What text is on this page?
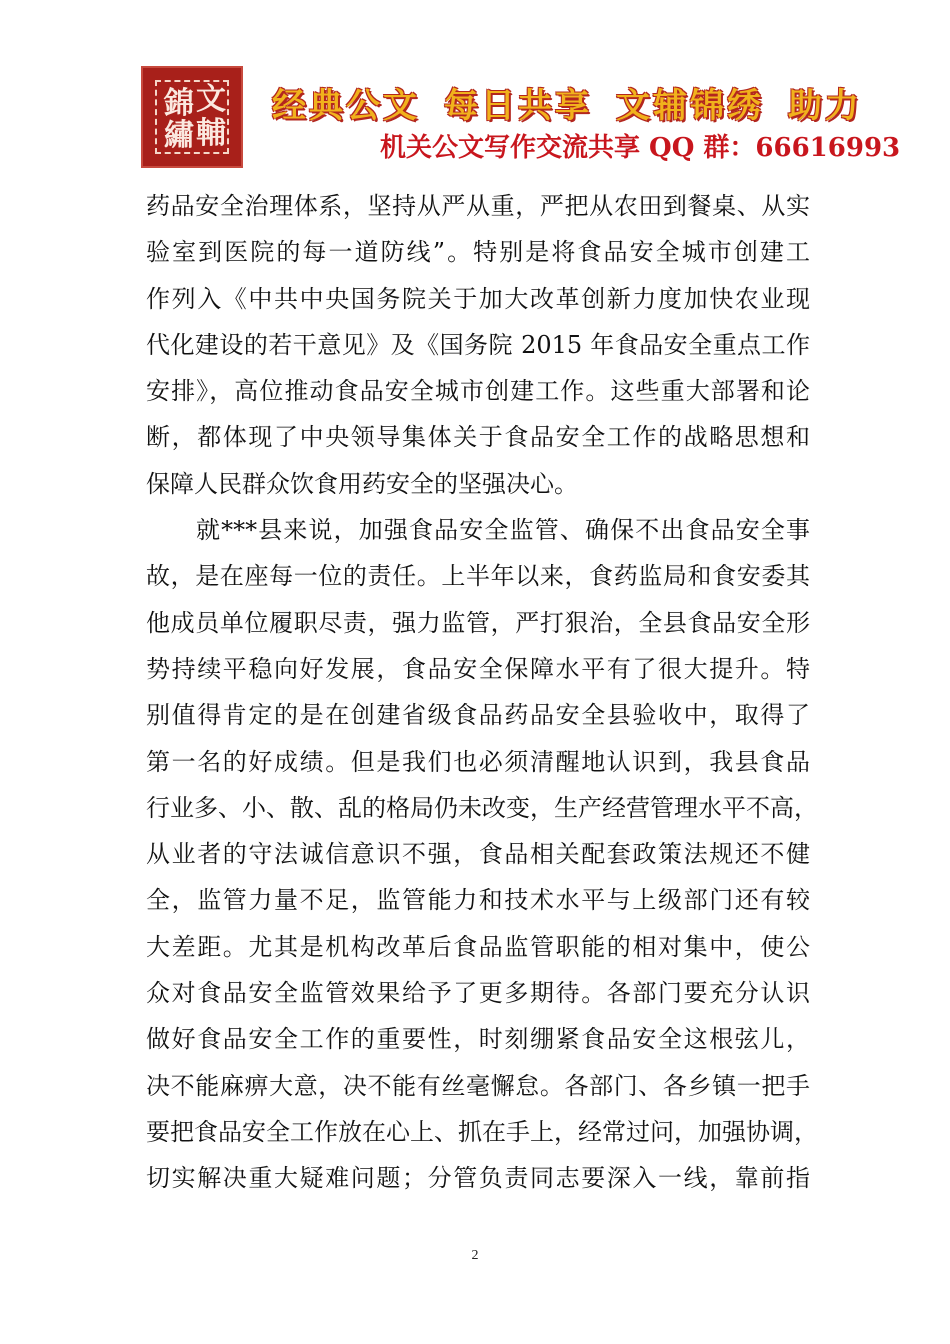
錦 文
繡 輔
经典公文 每日共享 文辅锦绣 助力
机关公文写作交流共享 QQ 群：66616993
药品安全治理体系，坚持从严从重，严把从农田到餐桌、从实
验室到医院的每一道防线”。特别是将食品安全城市创建工
作列入《中共中央国务院关于加大改革创新力度加快农业现
代化建设的若干意见》及《国务院 2015 年食品安全重点工作
安排》，高位推动食品安全城市创建工作。这些重大部署和论
断，都体现了中央领导集体关于食品安全工作的战略思想和
保障人民群众饮食用药安全的坚强决心。
就***县来说，加强食品安全监管、确保不出食品安全事
故，是在座每一位的责任。上半年以来，食药监局和食安委其
他成员单位履职尽责，强力监管，严打狠治，全县食品安全形
势持续平稳向好发展，食品安全保障水平有了很大提升。特
别值得肯定的是在创建省级食品药品安全县验收中，取得了
第一名的好成绩。但是我们也必须清醒地认识到，我县食品
行业多、小、散、乱的格局仍未改变，生产经营管理水平不高，
从业者的守法诚信意识不强，食品相关配套政策法规还不健
全，监管力量不足，监管能力和技术水平与上级部门还有较
大差距。尤其是机构改革后食品监管职能的相对集中，使公
众对食品安全监管效果给予了更多期待。各部门要充分认识
做好食品安全工作的重要性，时刻绷紧食品安全这根弦儿，
决不能麻痹大意，决不能有丝毫懈怠。各部门、各乡镇一把手
要把食品安全工作放在心上、抓在手上，经常过问，加强协调，
切实解决重大疑难问题；分管负责同志要深入一线，靠前指
2
